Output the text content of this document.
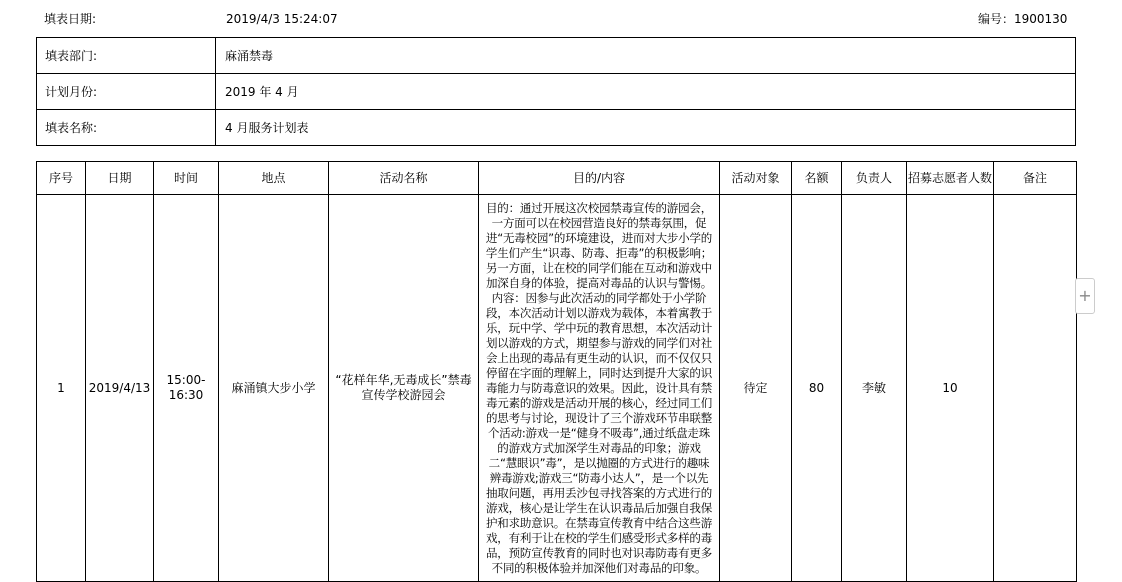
填表日期:	2019/4/3 15:24:07	编号：1900130
填表部门:	麻涌禁毒
计划月份:	2019 年 4 月
填表名称:	4 月服务计划表
序号	日期	时间	地点	活动名称	目的/内容	活动对象	名额	负责人	招募志愿者人数	备注
1	2019/4/13	15:00-16:30	麻涌镇大步小学	“花样年华,无毒成长”禁毒宣传学校游园会	目的：通过开展这次校园禁毒宣传的游园会，一方面可以在校园营造良好的禁毒氛围，促进“无毒校园”的环境建设，进而对大步小学的学生们产生“识毒、防毒、拒毒”的积极影响；另一方面，让在校的同学们能在互动和游戏中加深自身的体验，提高对毒品的认识与警惕。
内容：因参与此次活动的同学都处于小学阶段，本次活动计划以游戏为载体，本着寓教于乐，玩中学、学中玩的教育思想，本次活动计划以游戏的方式，期望参与游戏的同学们对社会上出现的毒品有更生动的认识，而不仅仅只停留在字面的理解上，同时达到提升大家的识毒能力与防毒意识的效果。因此，设计具有禁毒元素的游戏是活动开展的核心，经过同工们的思考与讨论，现设计了三个游戏环节串联整个活动:游戏一是“健身不吸毒”,通过纸盘走珠的游戏方式加深学生对毒品的印象；游戏二“慧眼识”毒”，是以抛圈的方式进行的趣味辨毒游戏;游戏三“防毒小达人”，是一个以先抽取问题，再用丢沙包寻找答案的方式进行的游戏，核心是让学生在认识毒品后加强自我保护和求助意识。在禁毒宣传教育中结合这些游戏，有利于让在校的学生们感受形式多样的毒品，预防宣传教育的同时也对识毒防毒有更多不同的积极体验并加深他们对毒品的印象。	待定	80	李敏	10	
+
